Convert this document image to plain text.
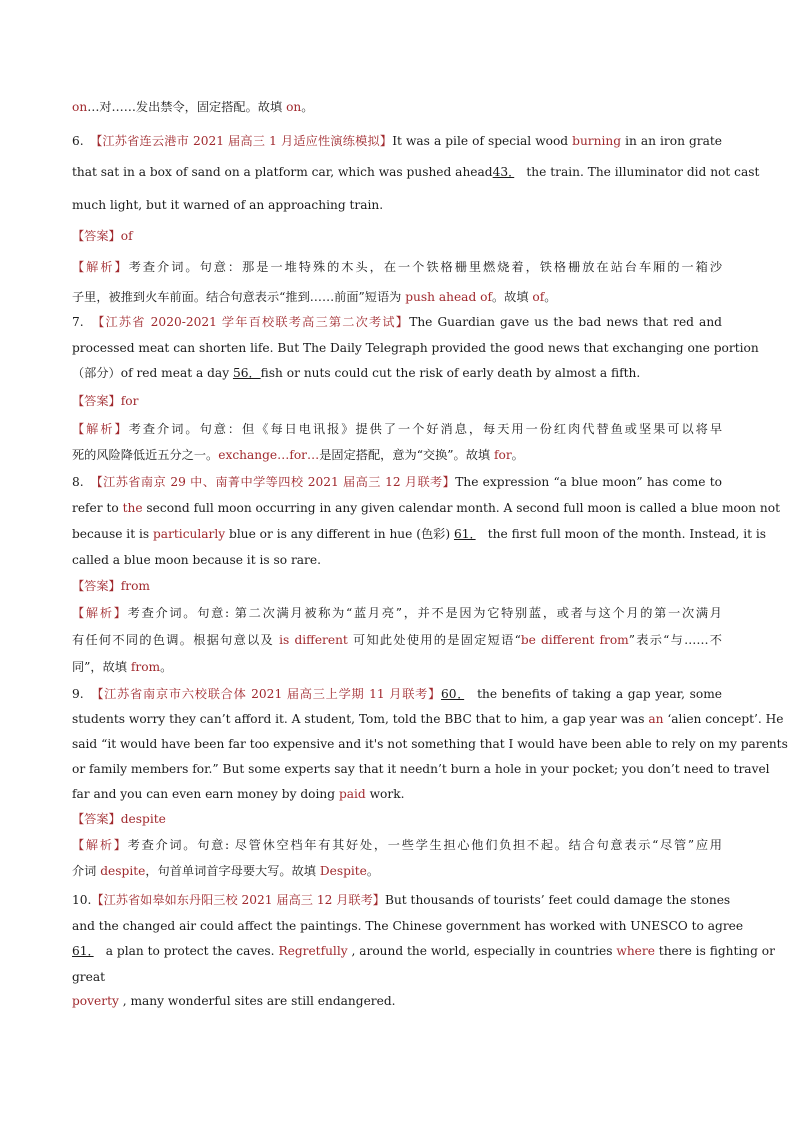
on…对……发出禁令，固定搭配。故填 on。
6.　【江苏省连云港市 2021 届高三 1 月适应性演练模拟】It was a pile of special wood burning in an iron grate
that sat in a box of sand on a platform car, which was pushed ahead43．　the train. The illuminator did not cast
much light, but it warned of an approaching train.
【答案】of
【解析】考查介词。句意：那是一堆特殊的木头，在一个铁格栅里燃烧着，铁格栅放在站台车厢的一箱沙
子里，被推到火车前面。结合句意表示“推到……前面”短语为 push ahead of。故填 of。
7.　【江苏省 2020-2021 学年百校联考高三第二次考试】The Guardian gave us the bad news that red and
processed meat can shorten life. But The Daily Telegraph provided the good news that exchanging one portion
（部分）of red meat a day 56．fish or nuts could cut the risk of early death by almost a fifth.
【答案】for
【解析】考查介词。句意：但《每日电讯报》提供了一个好消息，每天用一份红肉代替鱼或坚果可以将早
死的风险降低近五分之一。exchange…for…是固定搭配，意为“交换”。故填 for。
8.　【江苏省南京 29 中、南菁中学等四校 2021 届高三 12 月联考】The expression “a blue moon” has come to
refer to the second full moon occurring in any given calendar month. A second full moon is called a blue moon not
because it is particularly blue or is any different in hue (色彩) 61．　the first full moon of the month. Instead, it is
called a blue moon because it is so rare.
【答案】from
【解析】考查介词。句意: 第二次满月被称为“蓝月亮”，并不是因为它特别蓝，或者与这个月的第一次满月
有任何不同的色调。根据句意以及 is different 可知此处使用的是固定短语“be different from”表示“与……不
同”，故填 from。
9.　【江苏省南京市六校联合体 2021 届高三上学期 11 月联考】60．　the benefits of taking a gap year, some
students worry they can’t afford it. A student, Tom, told the BBC that to him, a gap year was an ‘alien concept’. He
said “it would have been far too expensive and it's not something that I would have been able to rely on my parents
or family members for.” But some experts say that it needn’t burn a hole in your pocket; you don’t need to travel
far and you can even earn money by doing paid work.
【答案】despite
【解析】考查介词。句意: 尽管休空档年有其好处，一些学生担心他们负担不起。结合句意表示“尽管”应用
介词 despite，句首单词首字母要大写。故填 Despite。
10.【江苏省如皋如东丹阳三校 2021 届高三 12 月联考】But thousands of tourists’ feet could damage the stones
and the changed air could affect the paintings. The Chinese government has worked with UNESCO to agree
61．　a plan to protect the caves. Regretfully , around the world, especially in countries where there is fighting or
great
poverty , many wonderful sites are still endangered.
